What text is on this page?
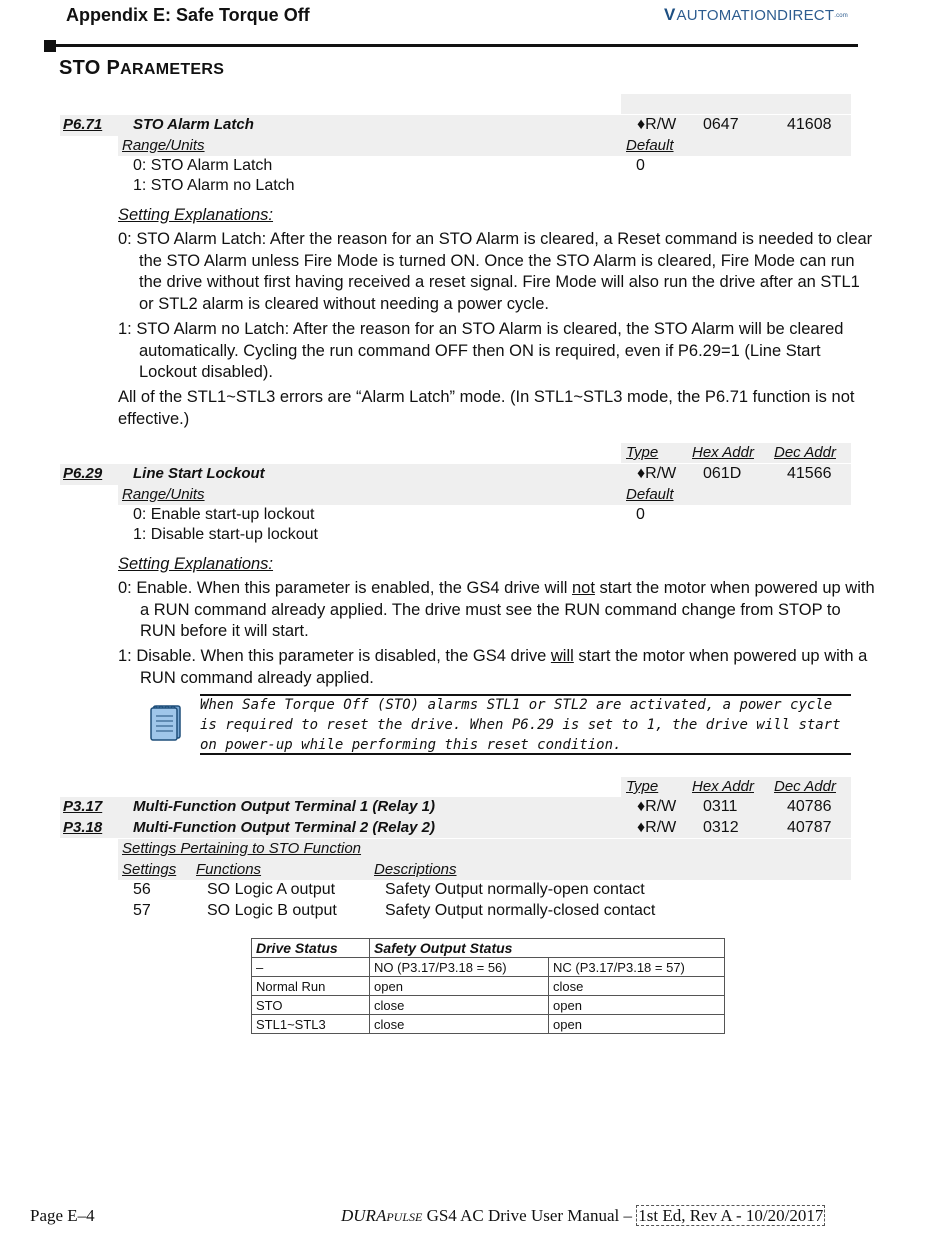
Appendix E: Safe Torque Off	VAUTOMATIONDIRECT.com
STO PARAMETERS
P6.71 STO Alarm Latch	♦R/W 0647	41608
Range/Units	Default
0: STO Alarm Latch
1: STO Alarm no Latch
0
Setting Explanations:
0: STO Alarm Latch: After the reason for an STO Alarm is cleared, a Reset command is needed to clear the STO Alarm unless Fire Mode is turned ON. Once the STO Alarm is cleared, Fire Mode can run the drive without first having received a reset signal. Fire Mode will also run the drive after an STL1 or STL2 alarm is cleared without needing a power cycle.
1: STO Alarm no Latch: After the reason for an STO Alarm is cleared, the STO Alarm will be cleared automatically. Cycling the run command OFF then ON is required, even if P6.29=1 (Line Start Lockout disabled).
All of the STL1~STL3 errors are “Alarm Latch” mode. (In STL1~STL3 mode, the P6.71 function is not effective.)
Type Hex Addr Dec Addr
P6.29 Line Start Lockout	♦R/W 061D	41566
Range/Units	Default
0: Enable start-up lockout
1: Disable start-up lockout
0
Setting Explanations:
0: Enable. When this parameter is enabled, the GS4 drive will not start the motor when powered up with a RUN command already applied. The drive must see the RUN command change from STOP to RUN before it will start.
1: Disable. When this parameter is disabled, the GS4 drive will start the motor when powered up with a RUN command already applied.
When Safe Torque Off (STO) alarms STL1 or STL2 are activated, a power cycle is required to reset the drive. When P6.29 is set to 1, the drive will start on power-up while performing this reset condition.
Type Hex Addr Dec Addr
P3.17 Multi-Function Output Terminal 1 (Relay 1)	♦R/W 0311	40786
P3.18 Multi-Function Output Terminal 2 (Relay 2)	♦R/W 0312	40787
Settings Pertaining to STO Function
Settings Functions	Descriptions
56	SO Logic A output	Safety Output normally-open contact
57	SO Logic B output	Safety Output normally-closed contact
Drive Status	Safety Output Status	
–	NO (P3.17/P3.18 = 56)	NC (P3.17/P3.18 = 57)
Normal Run	open	close
STO	close	open
STL1~STL3	close	open
Page E–4	DURAPULSE GS4 AC Drive User Manual – 1st Ed, Rev A - 10/20/2017
